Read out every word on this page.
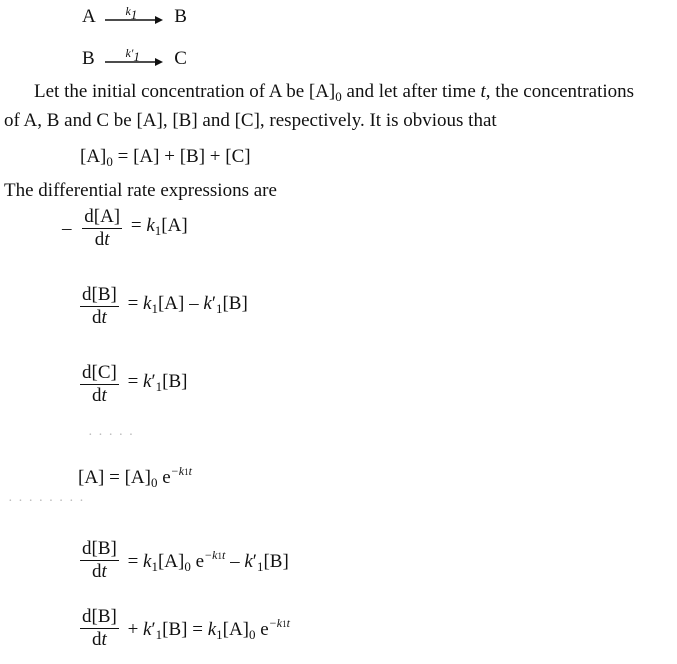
A	k1 B
B	k′1 C
Let the initial concentration of A be $[A]_0$ and let after time t, the concentrations
of A, B and C be [A], [B] and [C], respectively. It is obvious that
$[A]_0 = [A] + [B] + [C]$
The differential rate expressions are
– $\frac{d[A]}{dt} = k_1[A]$
$\frac{d[B]}{dt} = k_1[A] - k'_1[B]$
$\frac{d[C]}{dt} = k'_1[B]$
· · · · ·
$[A] = [A]_0$ $e^{-k1t}$
· · · · · · · ·
$\frac{d[B]}{dt} = k_1[A]_0$ $e^{-k1t} - k'_1[B]$
$\frac{d[B]}{dt} + k'_1[B] = k_1[A]_0$ $e^{-k1t}$
